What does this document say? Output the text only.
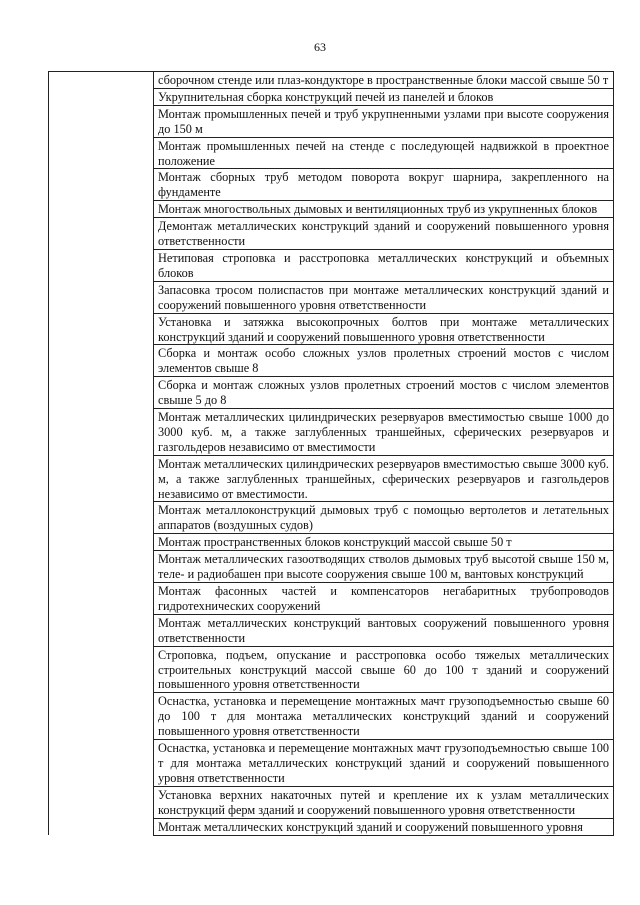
63

сборочном стенде или плаз-кондукторе в пространственные блоки массой свыше 50 т

Укрупнительная сборка конструкций печей из панелей и блоков

Монтаж промышленных печей и труб укрупненными узлами при высоте сооружения до 150 м

Монтаж промышленных печей на стенде с последующей надвижкой в проектное положение

Монтаж сборных труб методом поворота вокруг шарнира, закрепленного на фундаменте

Монтаж многоствольных дымовых и вентиляционных труб из укрупненных блоков

Демонтаж металлических конструкций зданий и сооружений повышенного уровня ответственности

Нетиповая строповка и расстроповка металлических конструкций и объемных блоков

Запасовка тросом полиспастов при монтаже металлических конструкций зданий и сооружений повышенного уровня ответственности

Установка и затяжка высокопрочных болтов при монтаже металлических конструкций зданий и сооружений повышенного уровня ответственности

Сборка и монтаж особо сложных узлов пролетных строений мостов с числом элементов свыше 8

Сборка и монтаж сложных узлов пролетных строений мостов с числом элементов свыше 5 до 8

Монтаж металлических цилиндрических резервуаров вместимостью свыше 1000 до 3000 куб. м, а также заглубленных траншейных, сферических резервуаров и газгольдеров независимо от вместимости

Монтаж металлических цилиндрических резервуаров вместимостью свыше 3000 куб. м, а также заглубленных траншейных, сферических резервуаров и газгольдеров независимо от вместимости.

Монтаж металлоконструкций дымовых труб с помощью вертолетов и летательных аппаратов (воздушных судов)

Монтаж пространственных блоков конструкций массой свыше 50 т

Монтаж металлических газоотводящих стволов дымовых труб высотой свыше 150 м, теле- и радиобашен при высоте сооружения свыше 100 м, вантовых конструкций

Монтаж фасонных частей и компенсаторов негабаритных трубопроводов гидротехнических сооружений

Монтаж металлических конструкций вантовых сооружений повышенного уровня ответственности

Строповка, подъем, опускание и расстроповка особо тяжелых металлических строительных конструкций массой свыше 60 до 100 т зданий и сооружений повышенного уровня ответственности

Оснастка, установка и перемещение монтажных мачт грузоподъемностью свыше 60 до 100 т для монтажа металлических конструкций зданий и сооружений повышенного уровня ответственности

Оснастка, установка и перемещение монтажных мачт грузоподъемностью свыше 100 т для монтажа металлических конструкций зданий и сооружений повышенного уровня ответственности

Установка верхних накаточных путей и крепление их к узлам металлических конструкций ферм зданий и сооружений повышенного уровня ответственности

Монтаж металлических конструкций зданий и сооружений повышенного уровня
